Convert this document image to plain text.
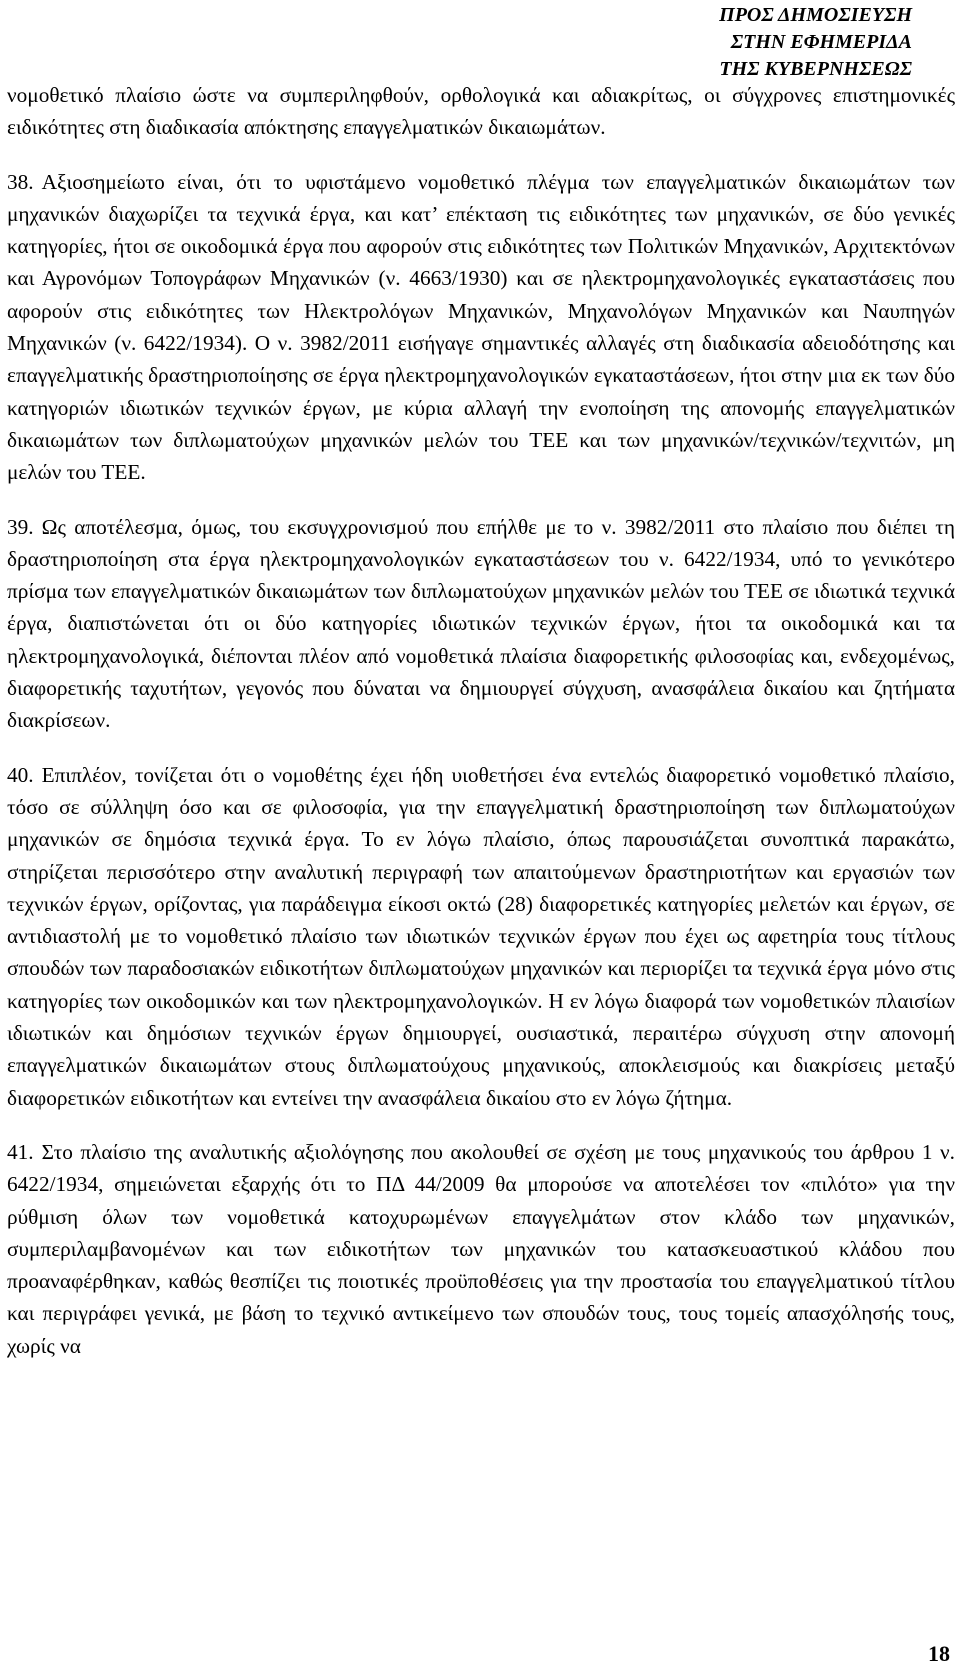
ΠΡΟΣ ΔΗΜΟΣΙΕΥΣΗ
ΣΤΗΝ ΕΦΗΜΕΡΙΔΑ
ΤΗΣ ΚΥΒΕΡΝΗΣΕΩΣ

νομοθετικό πλαίσιο ώστε να συμπεριληφθούν, ορθολογικά και αδιακρίτως, οι σύγχρονες επιστημονικές ειδικότητες στη διαδικασία απόκτησης επαγγελματικών δικαιωμάτων.

38. Αξιοσημείωτο είναι, ότι το υφιστάμενο νομοθετικό πλέγμα των επαγγελματικών δικαιωμάτων των μηχανικών διαχωρίζει τα τεχνικά έργα, και κατ’ επέκταση τις ειδικότητες των μηχανικών, σε δύο γενικές κατηγορίες, ήτοι σε οικοδομικά έργα που αφορούν στις ειδικότητες των Πολιτικών Μηχανικών, Αρχιτεκτόνων και Αγρονόμων Τοπογράφων Μηχανικών (ν. 4663/1930) και σε ηλεκτρομηχανολογικές εγκαταστάσεις που αφορούν στις ειδικότητες των Ηλεκτρολόγων Μηχανικών, Μηχανολόγων Μηχανικών και Ναυπηγών Μηχανικών (ν. 6422/1934). Ο ν. 3982/2011 εισήγαγε σημαντικές αλλαγές στη διαδικασία αδειοδότησης και επαγγελματικής δραστηριοποίησης σε έργα ηλεκτρομηχανολογικών εγκαταστάσεων, ήτοι στην μια εκ των δύο κατηγοριών ιδιωτικών τεχνικών έργων, με κύρια αλλαγή την ενοποίηση της απονομής επαγγελματικών δικαιωμάτων των διπλωματούχων μηχανικών μελών του ΤΕΕ και των μηχανικών/τεχνικών/τεχνιτών, μη μελών του ΤΕΕ.

39. Ως αποτέλεσμα, όμως, του εκσυγχρονισμού που επήλθε με το ν. 3982/2011 στο πλαίσιο που διέπει τη δραστηριοποίηση στα έργα ηλεκτρομηχανολογικών εγκαταστάσεων του ν. 6422/1934, υπό το γενικότερο πρίσμα των επαγγελματικών δικαιωμάτων των διπλωματούχων μηχανικών μελών του ΤΕΕ σε ιδιωτικά τεχνικά έργα, διαπιστώνεται ότι οι δύο κατηγορίες ιδιωτικών τεχνικών έργων, ήτοι τα οικοδομικά και τα ηλεκτρομηχανολογικά, διέπονται πλέον από νομοθετικά πλαίσια διαφορετικής φιλοσοφίας και, ενδεχομένως, διαφορετικής ταχυτήτων, γεγονός που δύναται να δημιουργεί σύγχυση, ανασφάλεια δικαίου και ζητήματα διακρίσεων.

40. Επιπλέον, τονίζεται ότι ο νομοθέτης έχει ήδη υιοθετήσει ένα εντελώς διαφορετικό νομοθετικό πλαίσιο, τόσο σε σύλληψη όσο και σε φιλοσοφία, για την επαγγελματική δραστηριοποίηση των διπλωματούχων μηχανικών σε δημόσια τεχνικά έργα. Το εν λόγω πλαίσιο, όπως παρουσιάζεται συνοπτικά παρακάτω, στηρίζεται περισσότερο στην αναλυτική περιγραφή των απαιτούμενων δραστηριοτήτων και εργασιών των τεχνικών έργων, ορίζοντας, για παράδειγμα είκοσι οκτώ (28) διαφορετικές κατηγορίες μελετών και έργων, σε αντιδιαστολή με το νομοθετικό πλαίσιο των ιδιωτικών τεχνικών έργων που έχει ως αφετηρία τους τίτλους σπουδών των παραδοσιακών ειδικοτήτων διπλωματούχων μηχανικών και περιορίζει τα τεχνικά έργα μόνο στις κατηγορίες των οικοδομικών και των ηλεκτρομηχανολογικών. Η εν λόγω διαφορά των νομοθετικών πλαισίων ιδιωτικών και δημόσιων τεχνικών έργων δημιουργεί, ουσιαστικά, περαιτέρω σύγχυση στην απονομή επαγγελματικών δικαιωμάτων στους διπλωματούχους μηχανικούς, αποκλεισμούς και διακρίσεις μεταξύ διαφορετικών ειδικοτήτων και εντείνει την ανασφάλεια δικαίου στο εν λόγω ζήτημα.

41. Στο πλαίσιο της αναλυτικής αξιολόγησης που ακολουθεί σε σχέση με τους μηχανικούς του άρθρου 1 ν. 6422/1934, σημειώνεται εξαρχής ότι το ΠΔ 44/2009 θα μπορούσε να αποτελέσει τον «πιλότο» για την ρύθμιση όλων των νομοθετικά κατοχυρωμένων επαγγελμάτων στον κλάδο των μηχανικών, συμπεριλαμβανομένων και των ειδικοτήτων των μηχανικών του κατασκευαστικού κλάδου που προαναφέρθηκαν, καθώς θεσπίζει τις ποιοτικές προϋποθέσεις για την προστασία του επαγγελματικού τίτλου και περιγράφει γενικά, με βάση το τεχνικό αντικείμενο των σπουδών τους, τους τομείς απασχόλησής τους, χωρίς να

18
